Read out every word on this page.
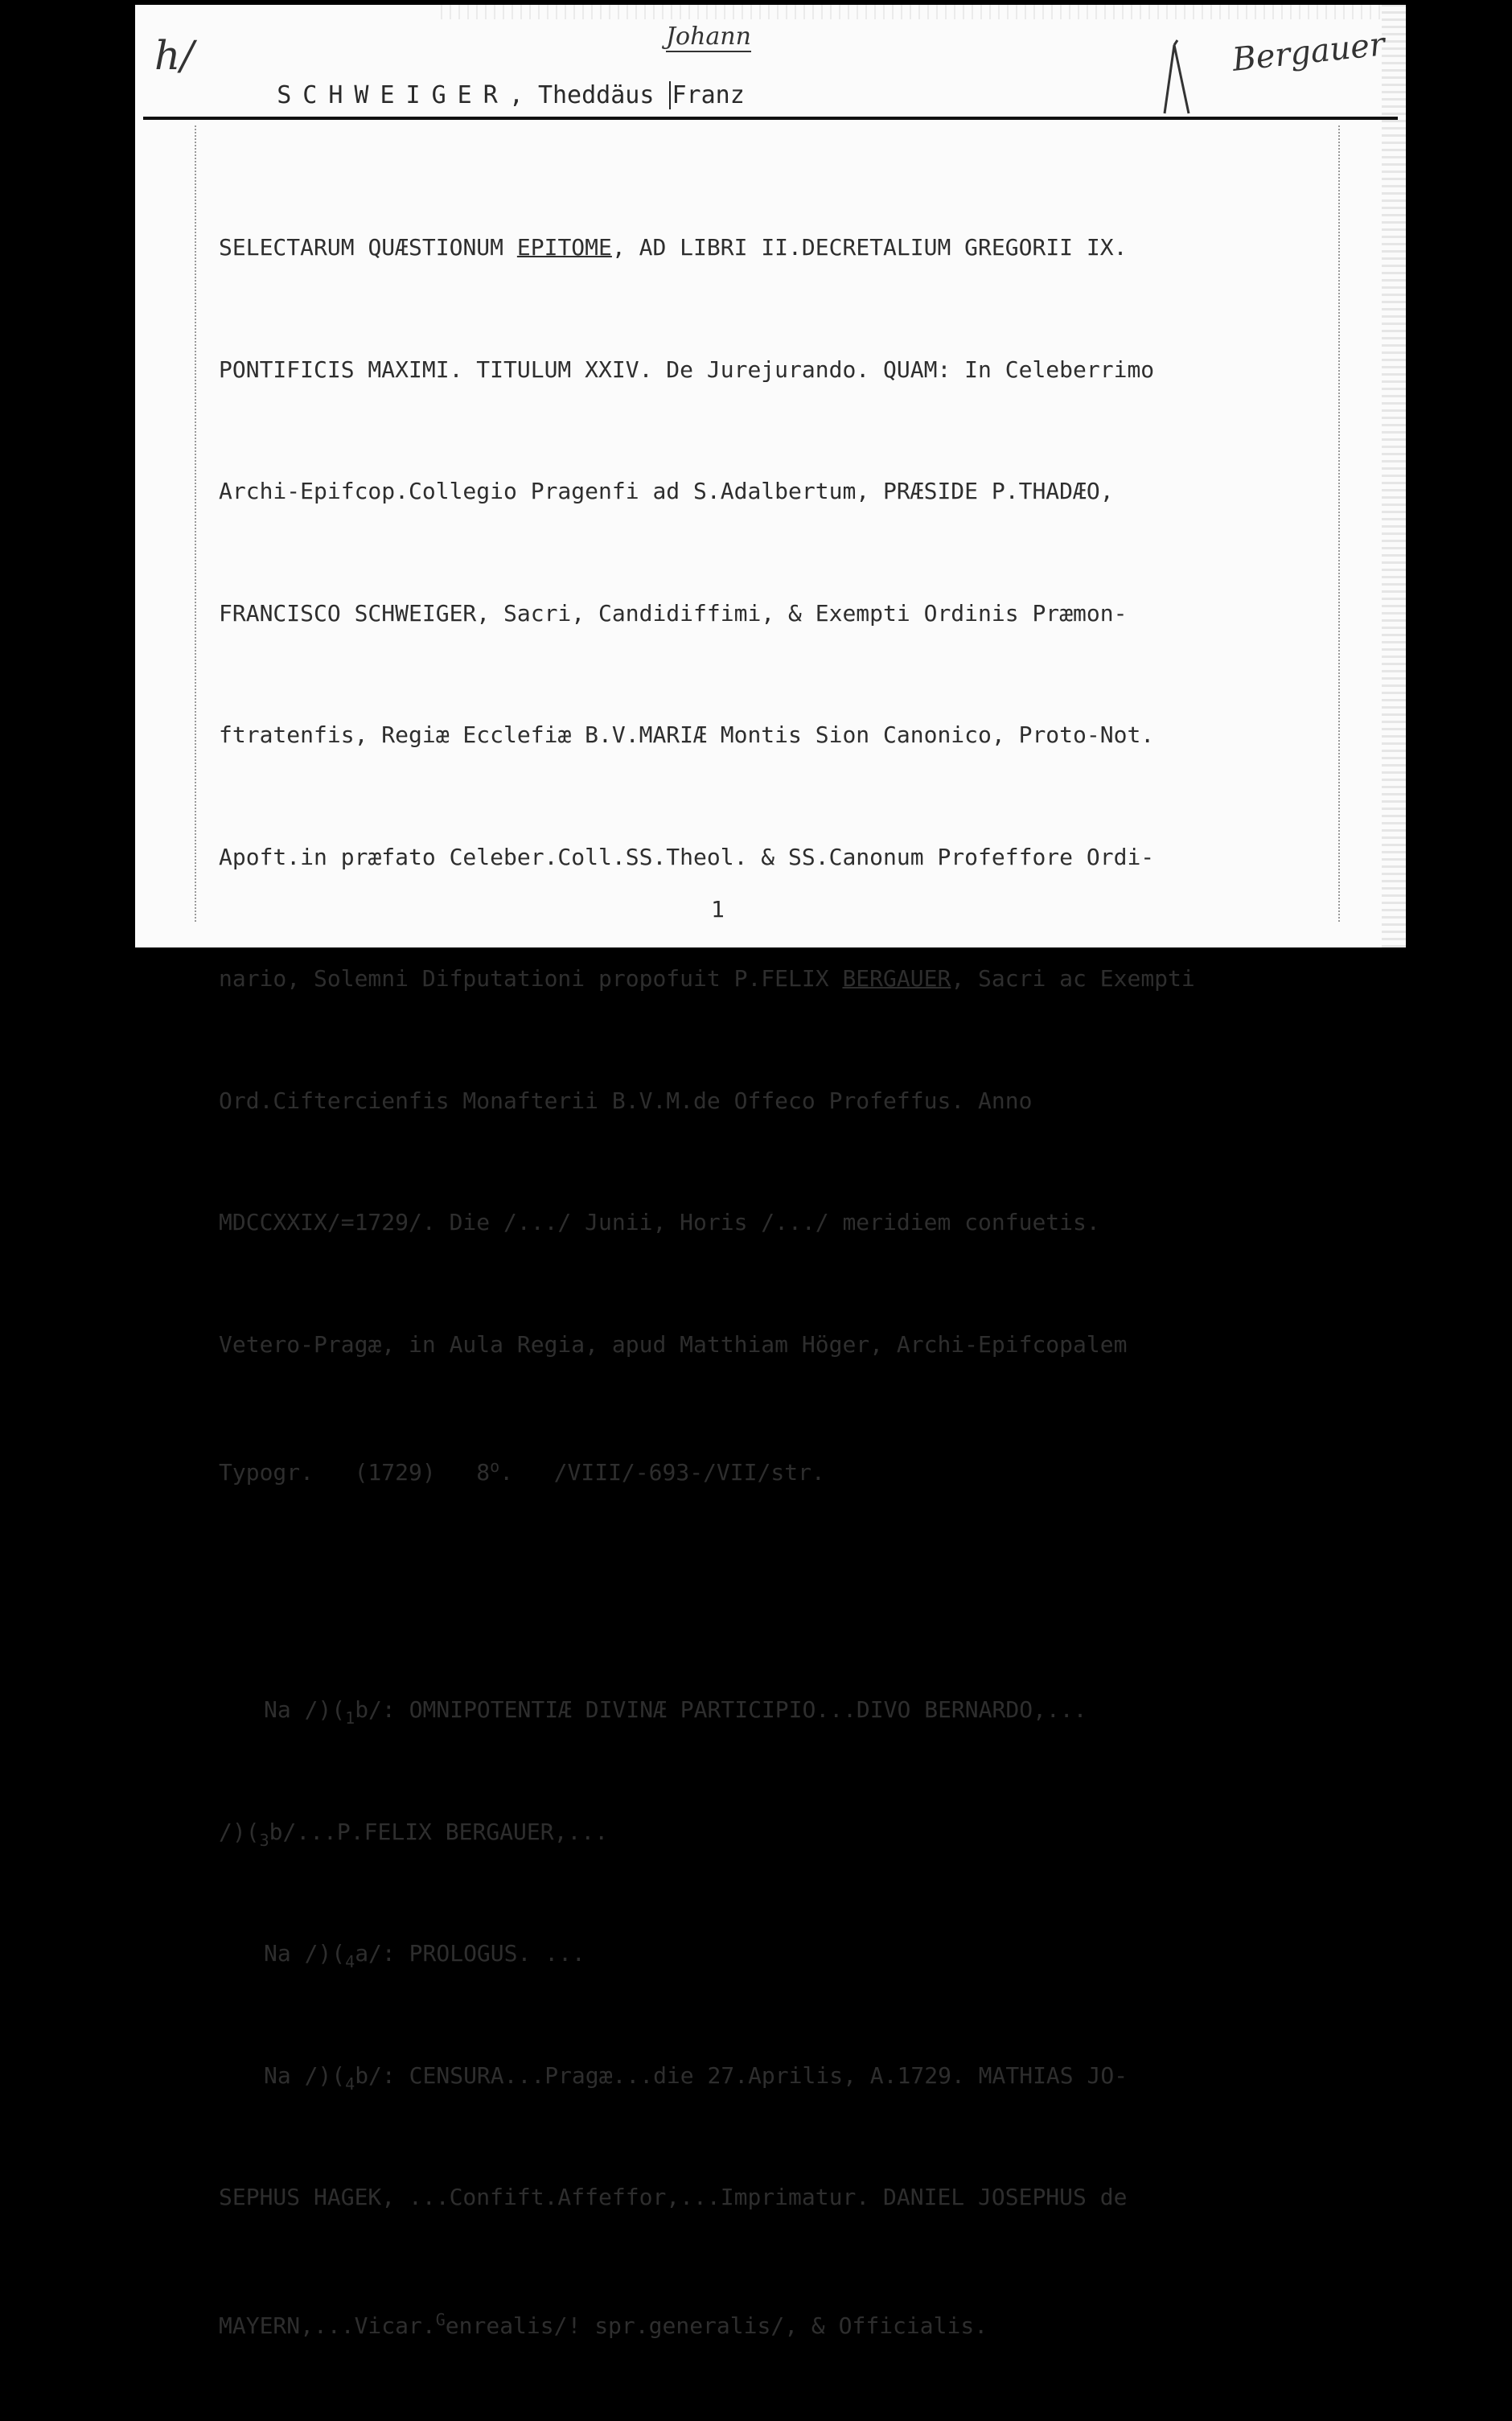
h/

SCHWEIGER, Theddäus Franz

Johann	Bergauer

SELECTARUM QUÆSTIONUM EPITOME, AD LIBRI II.DECRETALIUM GREGORII IX.

PONTIFICIS MAXIMI. TITULUM XXIV. De Jurejurando. QUAM: In Celeberrimo

Archi-Epifcop.Collegio Pragenfi ad S.Adalbertum, PRÆSIDE P.THADÆO,

FRANCISCO SCHWEIGER, Sacri, Candidiffimi, & Exempti Ordinis Præmon-

ftratenfis, Regiæ Ecclefiæ B.V.MARIÆ Montis Sion Canonico, Proto-Not.

Apoft.in præfato Celeber.Coll.SS.Theol. & SS.Canonum Profeffore Ordi-

nario, Solemni Difputationi propofuit P.FELIX BERGAUER, Sacri ac Exempti

Ord.Ciftercienfis Monafterii B.V.M.de Offeco Profeffus. Anno

MDCCXXIX/=1729/. Die /.../ Junii, Horis /.../ meridiem confuetis.

Vetero-Pragæ, in Aula Regia, apud Matthiam Höger, Archi-Epifcopalem

Typogr.   (1729)   8$^o$.   /VIII/-693-/VII/str.

Na $/)(_1b/$: OMNIPOTENTIÆ DIVINÆ PARTICIPIO...DIVO BERNARDO,...

$/)(_3b/...P.FELIX$ BERGAUER,...

Na $/)(_4a/$: PROLOGUS. ...

Na $/)(_4b/$: CENSURA...Pragæ...die 27.Aprilis, A.1729. MATHIAS JO-

SEPHUS HAGEK, ...Confift.Affeffor,...Imprimatur. DANIEL JOSEPHUS de

MAYERN,...Vicar.$^G$enrealis/! spr.generalis/, & Officialis.

1
